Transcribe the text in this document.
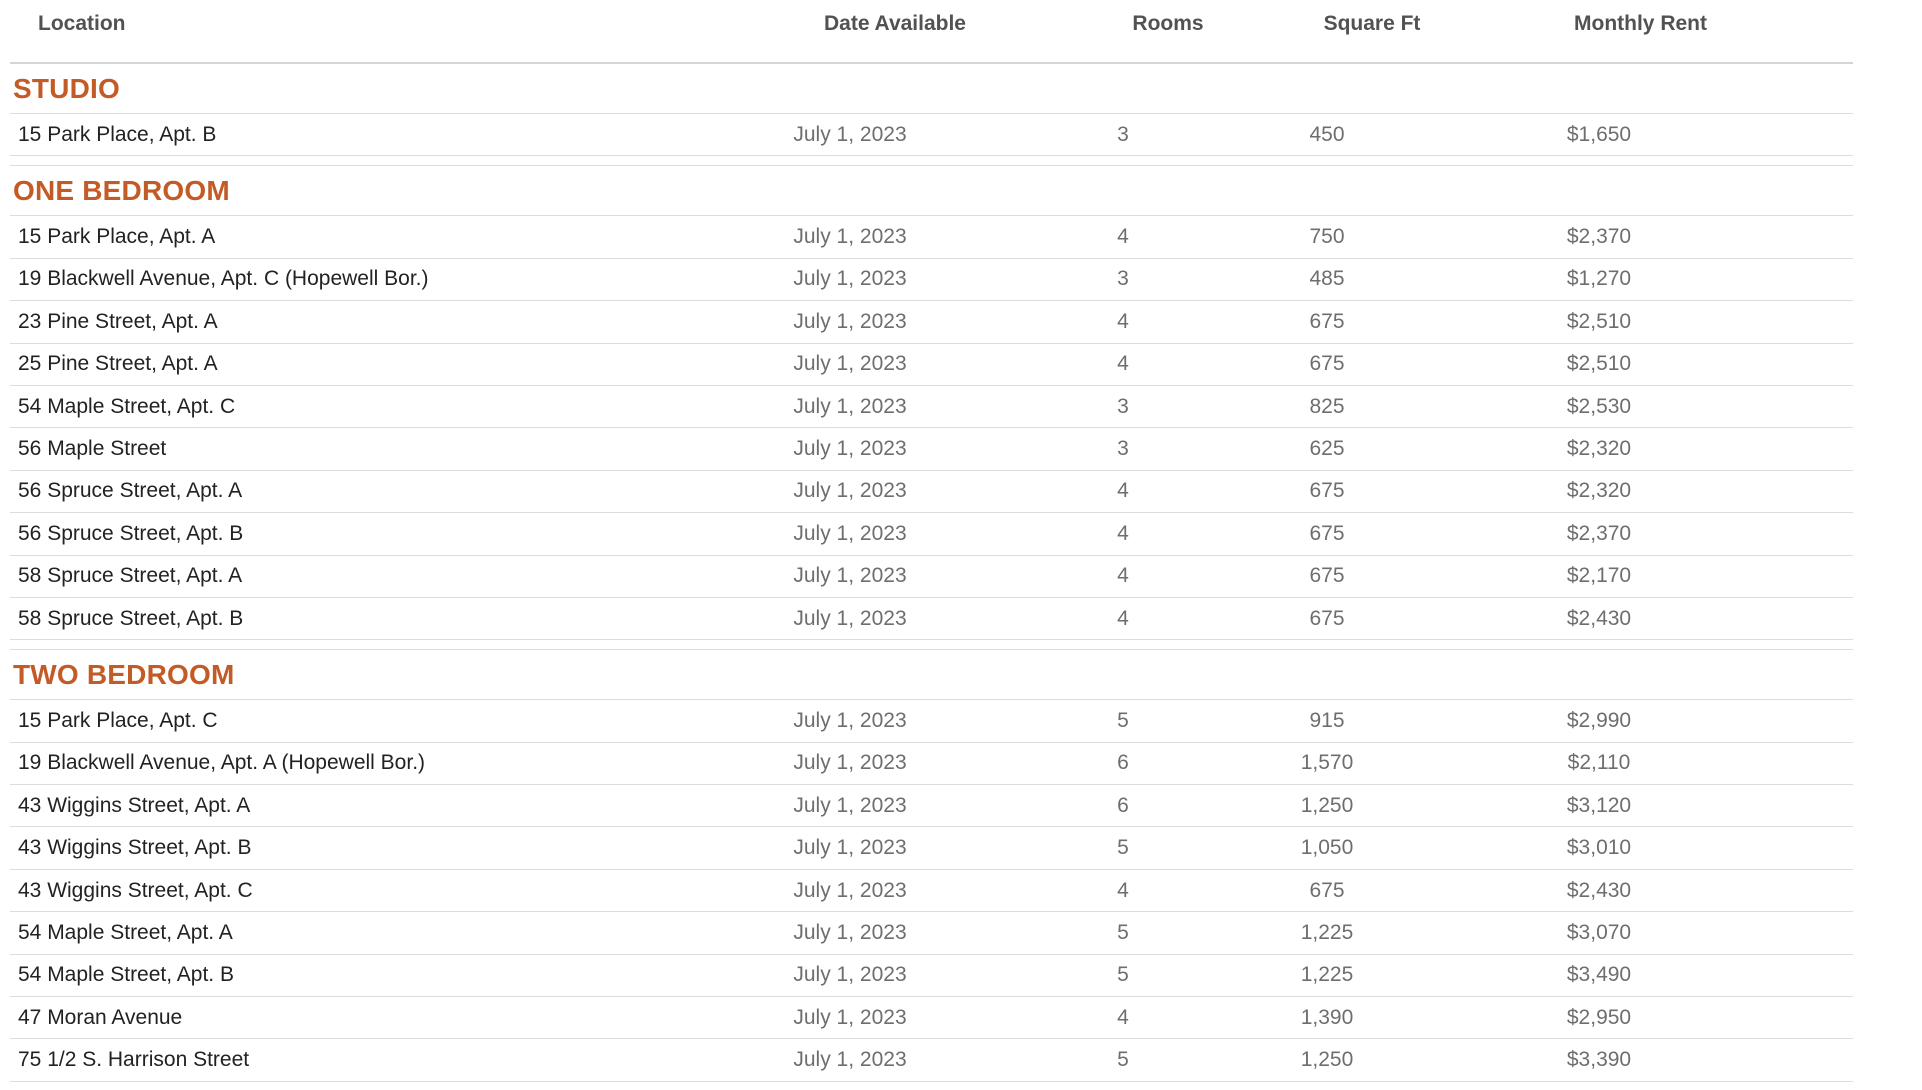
Location	Date Available	Rooms	Square Ft	Monthly Rent
STUDIO
15 Park Place, Apt. B	July 1, 2023	3	450	$1,650
ONE BEDROOM
15 Park Place, Apt. A	July 1, 2023	4	750	$2,370
19 Blackwell Avenue, Apt. C (Hopewell Bor.)	July 1, 2023	3	485	$1,270
23 Pine Street, Apt. A	July 1, 2023	4	675	$2,510
25 Pine Street, Apt. A	July 1, 2023	4	675	$2,510
54 Maple Street, Apt. C	July 1, 2023	3	825	$2,530
56 Maple Street	July 1, 2023	3	625	$2,320
56 Spruce Street, Apt. A	July 1, 2023	4	675	$2,320
56 Spruce Street, Apt. B	July 1, 2023	4	675	$2,370
58 Spruce Street, Apt. A	July 1, 2023	4	675	$2,170
58 Spruce Street, Apt. B	July 1, 2023	4	675	$2,430
TWO BEDROOM
15 Park Place, Apt. C	July 1, 2023	5	915	$2,990
19 Blackwell Avenue, Apt. A (Hopewell Bor.)	July 1, 2023	6	1,570	$2,110
43 Wiggins Street, Apt. A	July 1, 2023	6	1,250	$3,120
43 Wiggins Street, Apt. B	July 1, 2023	5	1,050	$3,010
43 Wiggins Street, Apt. C	July 1, 2023	4	675	$2,430
54 Maple Street, Apt. A	July 1, 2023	5	1,225	$3,070
54 Maple Street, Apt. B	July 1, 2023	5	1,225	$3,490
47 Moran Avenue	July 1, 2023	4	1,390	$2,950
75 1/2 S. Harrison Street	July 1, 2023	5	1,250	$3,390
